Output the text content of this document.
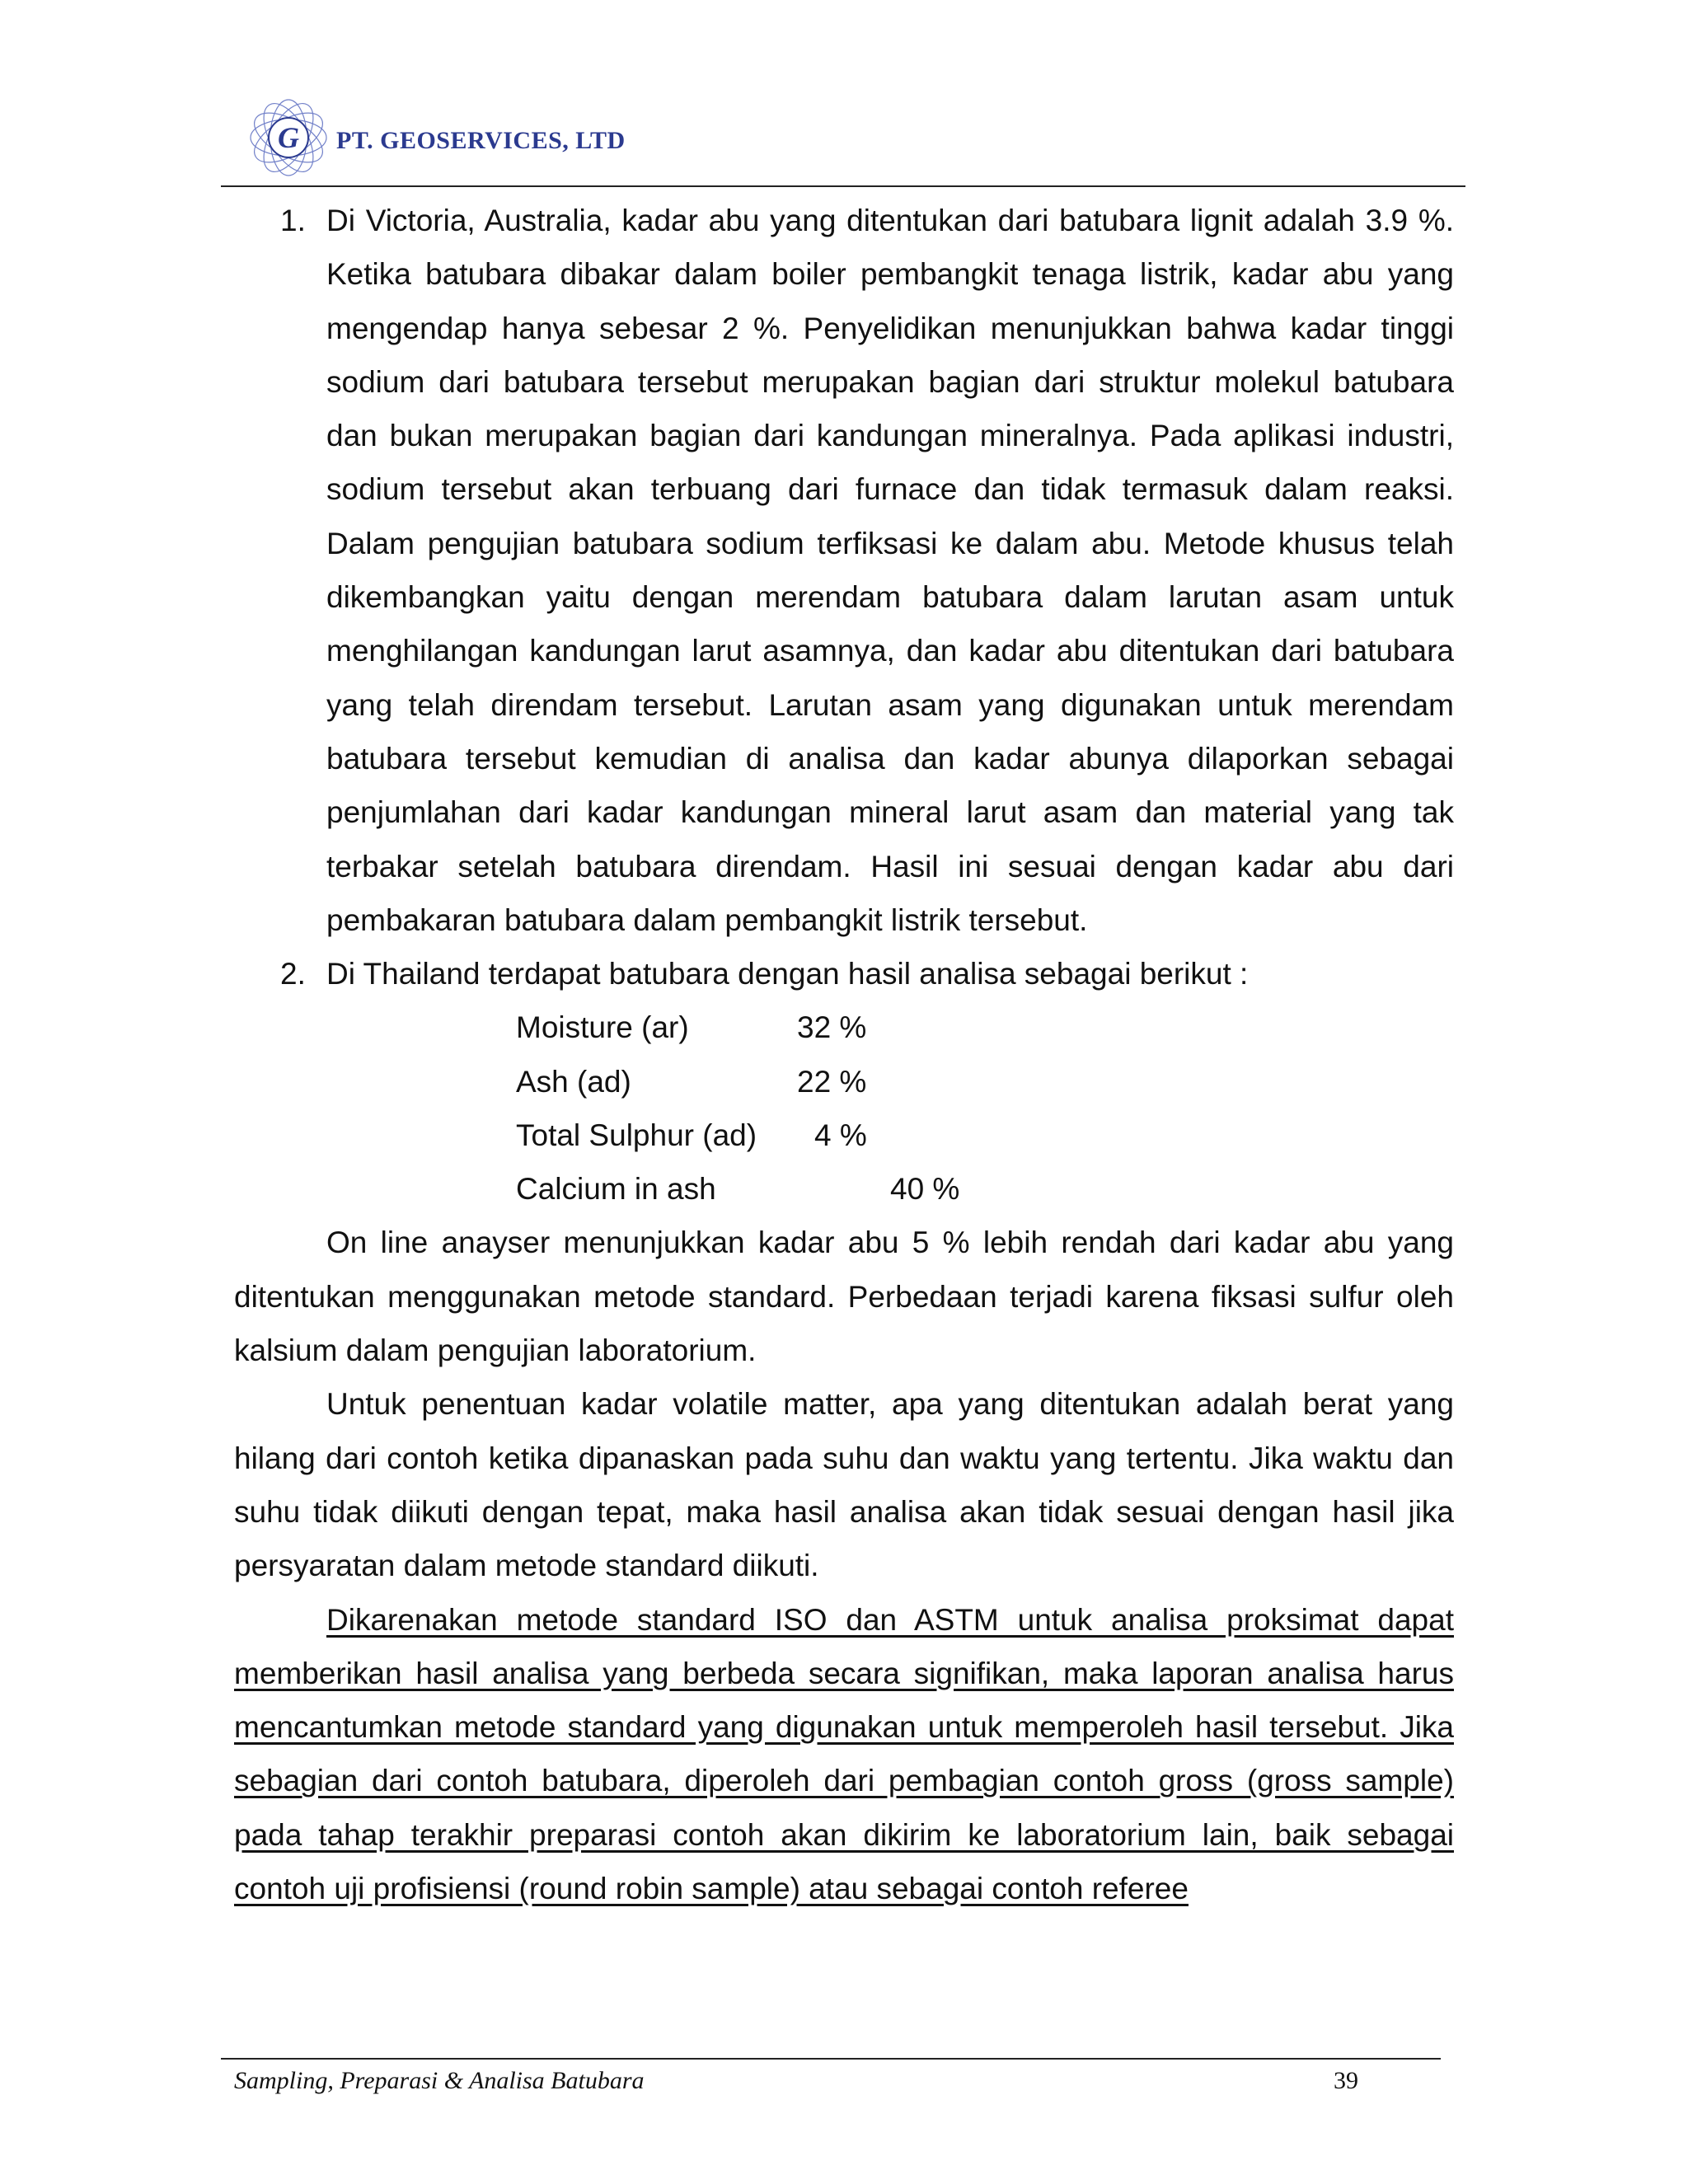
G PT. GEOSERVICES, LTD
1. Di Victoria, Australia, kadar abu yang ditentukan dari batubara lignit adalah 3.9 %. Ketika batubara dibakar dalam boiler pembangkit tenaga listrik, kadar abu yang mengendap hanya sebesar 2 %. Penyelidikan menunjukkan bahwa kadar tinggi sodium dari batubara tersebut merupakan bagian dari struktur molekul batubara dan bukan merupakan bagian dari kandungan mineralnya. Pada aplikasi industri, sodium tersebut akan terbuang dari furnace dan tidak termasuk dalam reaksi. Dalam pengujian batubara sodium terfiksasi ke dalam abu. Metode khusus telah dikembangkan yaitu dengan merendam batubara dalam larutan asam untuk menghilangan kandungan larut asamnya, dan kadar abu ditentukan dari batubara yang telah direndam tersebut. Larutan asam yang digunakan untuk merendam batubara tersebut kemudian di analisa dan kadar abunya dilaporkan sebagai penjumlahan dari kadar kandungan mineral larut asam dan material yang tak terbakar setelah batubara direndam. Hasil ini sesuai dengan kadar abu dari pembakaran batubara dalam pembangkit listrik tersebut.
2. Di Thailand terdapat batubara dengan hasil analisa sebagai berikut :
Moisture (ar)	32 %
Ash (ad)	22 %
Total Sulphur (ad) 4 %
Calcium in ash	40 %
On line anayser menunjukkan kadar abu 5 % lebih rendah dari kadar abu yang ditentukan menggunakan metode standard. Perbedaan terjadi karena fiksasi sulfur oleh kalsium dalam pengujian laboratorium.
Untuk penentuan kadar volatile matter, apa yang ditentukan adalah berat yang hilang dari contoh ketika dipanaskan pada suhu dan waktu yang tertentu. Jika waktu dan suhu tidak diikuti dengan tepat, maka hasil analisa akan tidak sesuai dengan hasil jika persyaratan dalam metode standard diikuti.
Dikarenakan metode standard ISO dan ASTM untuk analisa proksimat dapat memberikan hasil analisa yang berbeda secara signifikan, maka laporan analisa harus mencantumkan metode standard yang digunakan untuk memperoleh hasil tersebut. Jika sebagian dari contoh batubara, diperoleh dari pembagian contoh gross (gross sample) pada tahap terakhir preparasi contoh akan dikirim ke laboratorium lain, baik sebagai contoh uji profisiensi (round robin sample) atau sebagai contoh referee
Sampling, Preparasi & Analisa Batubara	39
